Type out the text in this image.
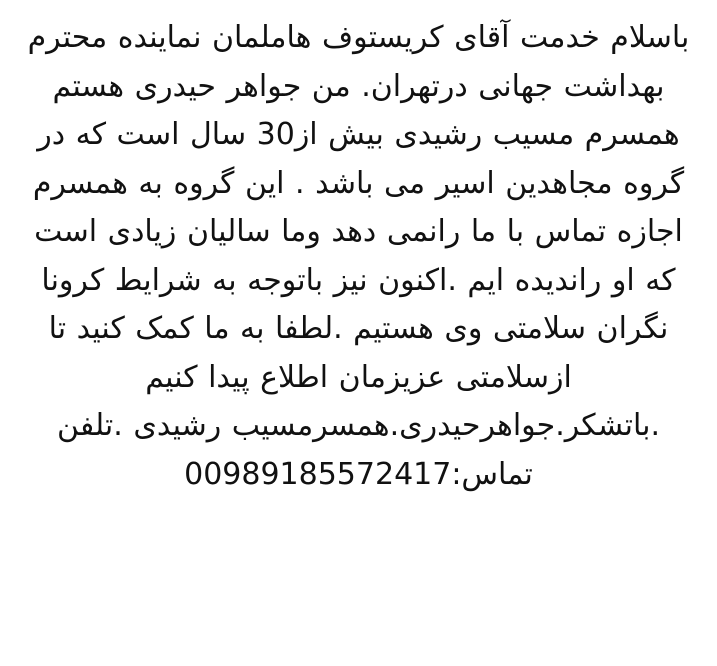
باسلام خدمت آقای کریستوف هاملمان نماینده محترم بهداشت جهانی درتهران. من جواهر حیدری هستم همسرم مسیب رشیدی بیش از30 سال است که در گروه مجاهدین اسیر می باشد . این گروه به همسرم اجازه تماس با ما رانمی دهد وما سالیان زیادی است که او راندیده ایم .اکنون نیز باتوجه به شرایط کرونا نگران سلامتی وی هستیم .لطفا به ما کمک کنید تا ازسلامتی عزیزمان اطلاع پیدا کنیم .باتشکر.جواهرحیدری.همسرمسیب رشیدی .تلفن تماس:00989185572417
